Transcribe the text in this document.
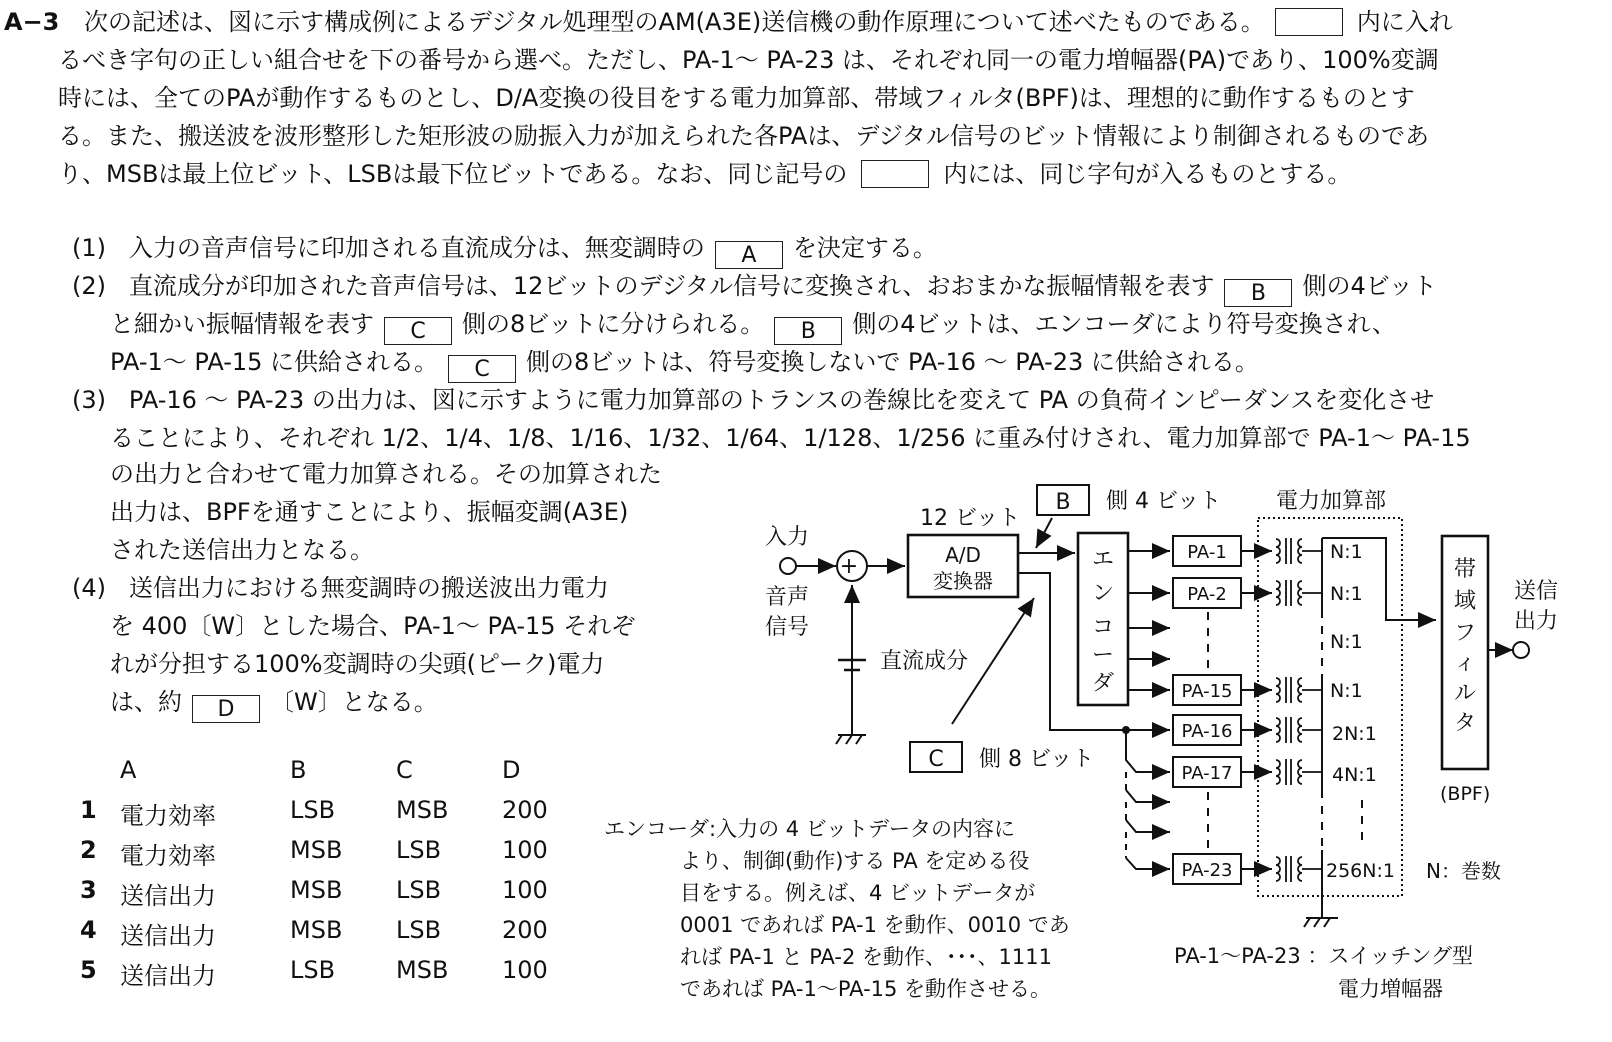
A−3 次の記述は、図に示す構成例によるデジタル処理型のAM(A3E)送信機の動作原理について述べたものである。	内に入れ
るべき字句の正しい組合せを下の番号から選べ。ただし、PA-1～ PA-23 は、それぞれ同一の電力増幅器(PA)であり、100%変調
時には、全てのPAが動作するものとし、D/A変換の役目をする電力加算部、帯域フィルタ(BPF)は、理想的に動作するものとす
る。また、搬送波を波形整形した矩形波の励振入力が加えられた各PAは、デジタル信号のビット情報により制御されるものであ
り、MSBは最上位ビット、LSBは最下位ビットである。なお、同じ記号の	内には、同じ字句が入るものとする。
(1) 入力の音声信号に印加される直流成分は、無変調時の A を決定する。
(2) 直流成分が印加された音声信号は、12ビットのデジタル信号に変換され、おおまかな振幅情報を表す B 側の4ビット
と細かい振幅情報を表す C 側の8ビットに分けられる。 B 側の4ビットは、エンコーダにより符号変換され、
PA-1～ PA-15 に供給される。 C 側の8ビットは、符号変換しないで PA-16 ～ PA-23 に供給される。
(3) PA-16 ～ PA-23 の出力は、図に示すように電力加算部のトランスの巻線比を変えて PA の負荷インピーダンスを変化させ
ることにより、それぞれ 1/2、1/4、1/8、1/16、1/32、1/64、1/128、1/256 に重み付けされ、電力加算部で PA-1～ PA-15
の出力と合わせて電力加算される。その加算された
出力は、BPFを通すことにより、振幅変調(A3E)
された送信出力となる。
(4) 送信出力における無変調時の搬送波出力電力
を 400〔W〕とした場合、PA-1～ PA-15 それぞ
れが分担する100%変調時の尖頭(ピーク)電力
は、約 D 〔W〕となる。
A	B	C	D
1 電力効率	LSB	MSB 200
2 電力効率	MSB LSB	100
3 送信出力	MSB LSB	100
4 送信出力	MSB LSB	200
5 送信出力	LSB	MSB 100
+
入力
音声
信号
直流成分
12 ビット
A/D
変換器
B 側 4 ビット
C 側 8 ビット
電力加算部
エ
ン
コ
ー
ダ
PA-1
PA-2
PA-15
PA-16
PA-17
PA-23
N:1
N:1
N:1
N:1
2N:1
4N:1
256N:1
帯
域
フ
ィ
ル
タ
(BPF)
送信
出力
N：巻数
PA-1～PA-23 ：スイッチング型
電力増幅器
エンコーダ:入力の 4 ビットデータの内容に
より、制御(動作)する PA を定める役
目をする。例えば、4 ビットデータが
0001 であれば PA-1 を動作、0010 であ
れば PA-1 と PA-2 を動作、･･･、1111
であれば PA-1～PA-15 を動作させる。
